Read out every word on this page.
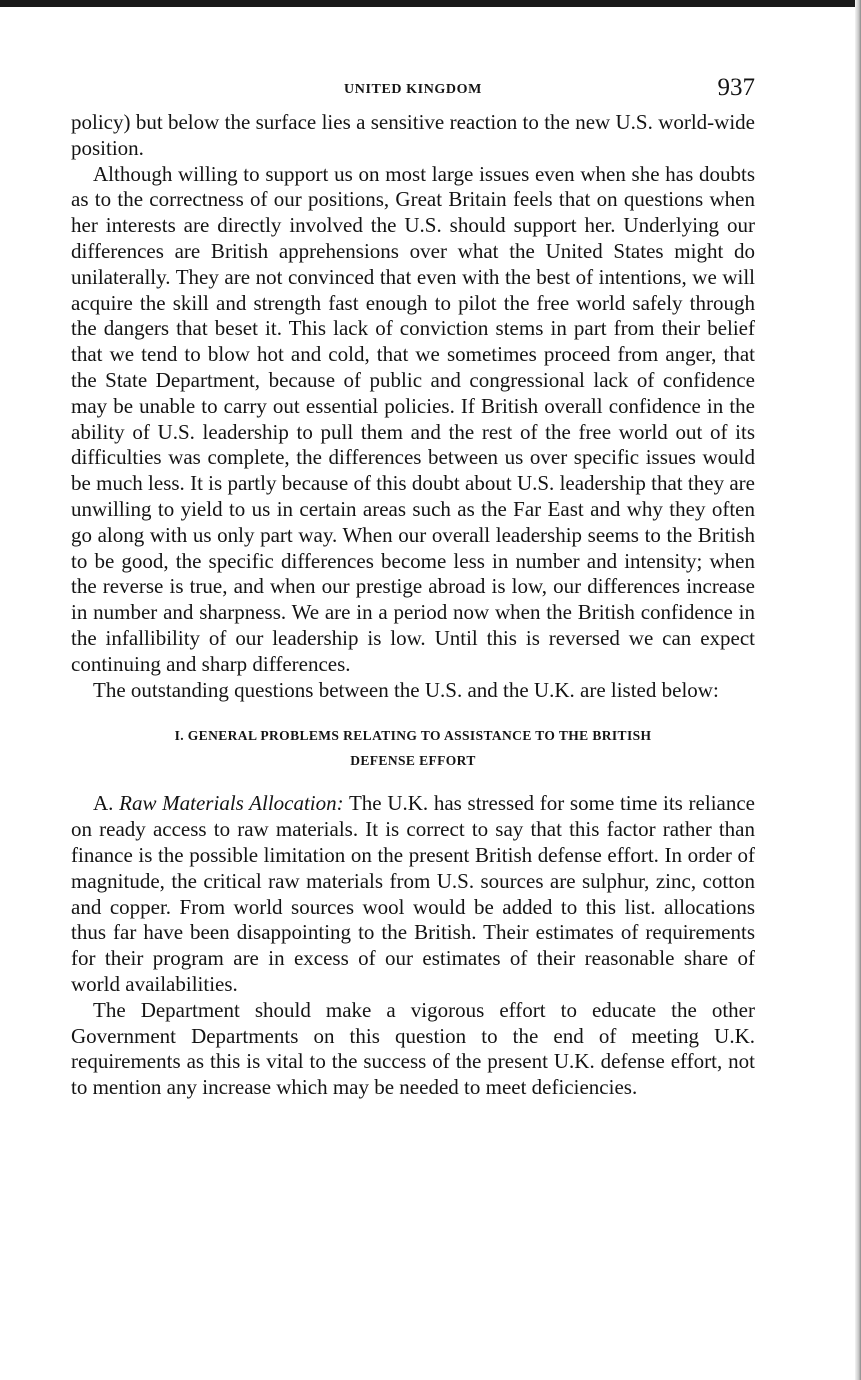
UNITED KINGDOM	937

policy) but below the surface lies a sensitive reaction to the new U.S. world-wide position.

Although willing to support us on most large issues even when she has doubts as to the correctness of our positions, Great Britain feels that on questions when her interests are directly involved the U.S. should support her. Underlying our differences are British apprehensions over what the United States might do unilaterally. They are not convinced that even with the best of intentions, we will acquire the skill and strength fast enough to pilot the free world safely through the dangers that beset it. This lack of conviction stems in part from their belief that we tend to blow hot and cold, that we sometimes proceed from anger, that the State Department, because of public and congressional lack of confidence may be unable to carry out essential policies. If British overall confidence in the ability of U.S. leadership to pull them and the rest of the free world out of its difficulties was complete, the differences between us over specific issues would be much less. It is partly because of this doubt about U.S. leadership that they are unwilling to yield to us in certain areas such as the Far East and why they often go along with us only part way. When our overall leadership seems to the British to be good, the specific differences become less in number and intensity; when the reverse is true, and when our prestige abroad is low, our differences increase in number and sharpness. We are in a period now when the British confidence in the infallibility of our leadership is low. Until this is reversed we can expect continuing and sharp differences.

The outstanding questions between the U.S. and the U.K. are listed below:

I. GENERAL PROBLEMS RELATING TO ASSISTANCE TO THE BRITISH
DEFENSE EFFORT

A. Raw Materials Allocation: The U.K. has stressed for some time its reliance on ready access to raw materials. It is correct to say that this factor rather than finance is the possible limitation on the present British defense effort. In order of magnitude, the critical raw materials from U.S. sources are sulphur, zinc, cotton and copper. From world sources wool would be added to this list. allocations thus far have been disappointing to the British. Their estimates of requirements for their program are in excess of our estimates of their reasonable share of world availabilities.

The Department should make a vigorous effort to educate the other Government Departments on this question to the end of meeting U.K. requirements as this is vital to the success of the present U.K. defense effort, not to mention any increase which may be needed to meet deficiencies.
